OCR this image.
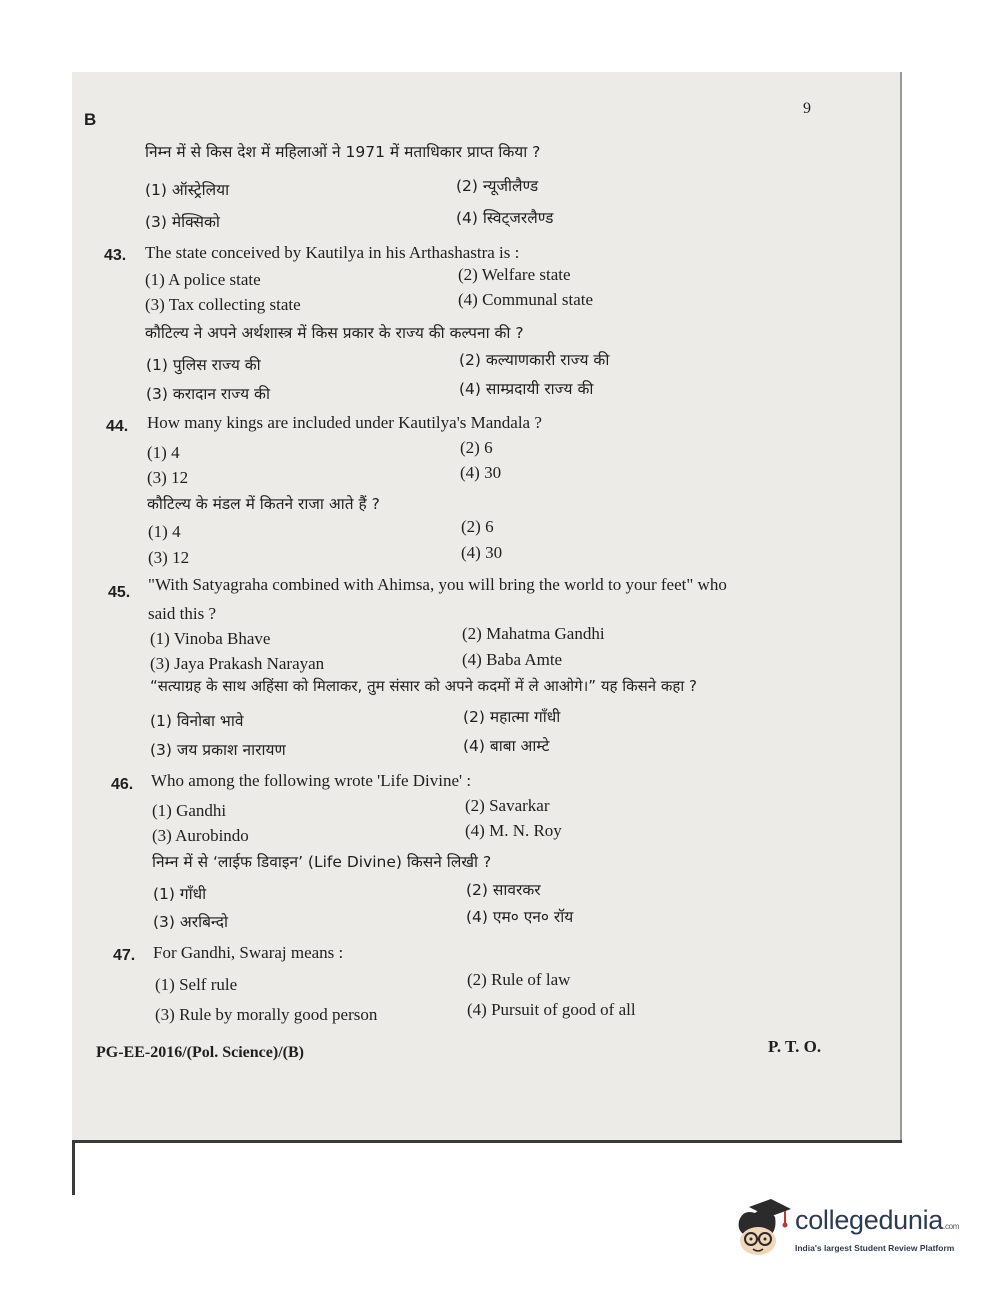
B
9
निम्न में से किस देश में महिलाओं ने 1971 में मताधिकार प्राप्त किया ?
(1) ऑस्ट्रेलिया	(2) न्यूजीलैण्ड
(3) मेक्सिको	(4) स्विट्जरलैण्ड
43. The state conceived by Kautilya in his Arthashastra is :
(1) A police state	(2) Welfare state
(3) Tax collecting state	(4) Communal state
कौटिल्य ने अपने अर्थशास्त्र में किस प्रकार के राज्य की कल्पना की ?
(1) पुलिस राज्य की	(2) कल्याणकारी राज्य की
(3) करादान राज्य की	(4) साम्प्रदायी राज्य की
44. How many kings are included under Kautilya's Mandala ?
(1) 4	(2) 6
(3) 12	(4) 30
कौटिल्य के मंडल में कितने राजा आते हैं ?
(1) 4	(2) 6
(3) 12	(4) 30
45. "With Satyagraha combined with Ahimsa, you will bring the world to your feet" who
said this ?
(1) Vinoba Bhave	(2) Mahatma Gandhi
(3) Jaya Prakash Narayan	(4) Baba Amte
“सत्याग्रह के साथ अहिंसा को मिलाकर, तुम संसार को अपने कदमों में ले आओगे।” यह किसने कहा ?
(1) विनोबा भावे	(2) महात्मा गाँधी
(3) जय प्रकाश नारायण	(4) बाबा आम्टे
46. Who among the following wrote 'Life Divine' :
(1) Gandhi	(2) Savarkar
(3) Aurobindo	(4) M. N. Roy
निम्न में से ‘लाईफ डिवाइन’ (Life Divine) किसने लिखी ?
(1) गाँधी	(2) सावरकर
(3) अरबिन्दो	(4) एम० एन० रॉय
47. For Gandhi, Swaraj means :
(1) Self rule	(2) Rule of law
(3) Rule by morally good person	(4) Pursuit of good of all
PG-EE-2016/(Pol. Science)/(B)	P. T. O.
collegedunia.com
India's largest Student Review Platform
